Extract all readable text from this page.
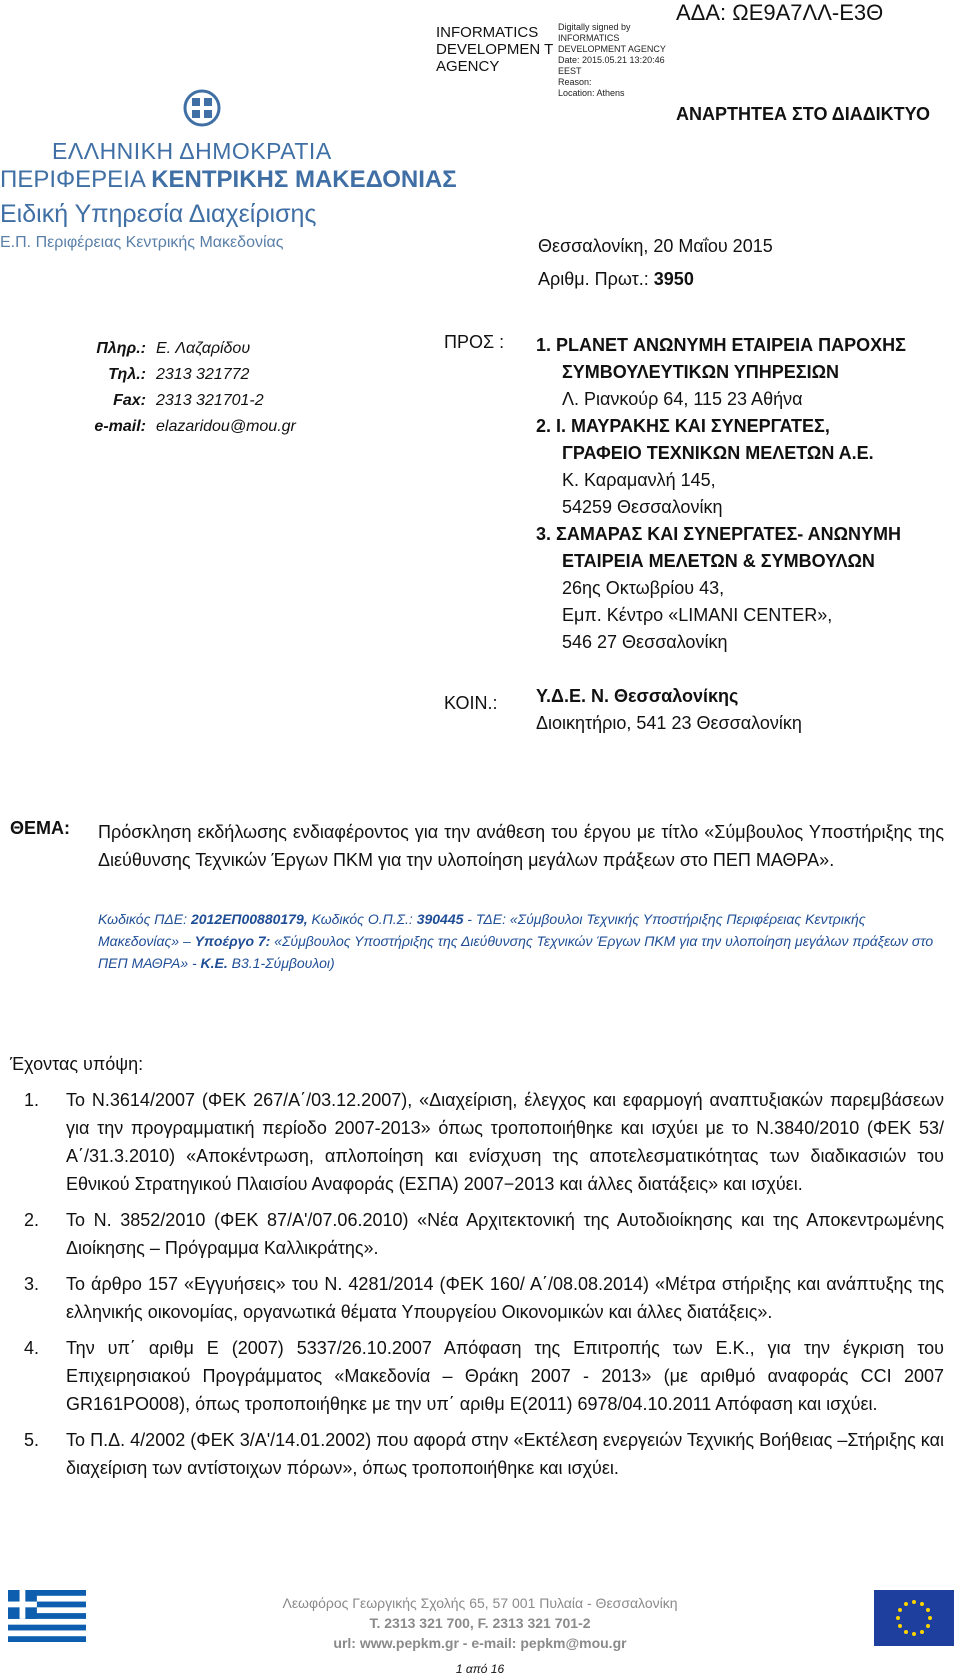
INFORMATICS DEVELOPMEN T AGENCY
Digitally signed by
INFORMATICS
DEVELOPMENT AGENCY
Date: 2015.05.21 13:20:46
EEST
Reason:
Location: Athens
ΑΔΑ: ΩΕ9Α7ΛΛ-Ε3Θ
ΑΝΑΡΤΗΤΕΑ ΣΤΟ ΔΙΑΔΙΚΤΥΟ
ΕΛΛΗΝΙΚΗ ΔΗΜΟΚΡΑΤΙΑ
ΠΕΡΙΦΕΡΕΙΑ ΚΕΝΤΡΙΚΗΣ ΜΑΚΕΔΟΝΙΑΣ
Ειδική Υπηρεσία Διαχείρισης
Ε.Π. Περιφέρειας Κεντρικής Μακεδονίας	Θεσσαλονίκη, 20 Μαΐου 2015
Αριθμ. Πρωτ.: 3950
Πληρ.: Ε. Λαζαρίδου
Τηλ.: 2313 321772
Fax: 2313 321701-2
e-mail: elazaridou@mou.gr
ΠΡΟΣ :
ΚΟΙΝ.:
1. PLANET ΑΝΩΝΥΜΗ ΕΤΑΙΡΕΙΑ ΠΑΡΟΧΗΣ
ΣΥΜΒΟΥΛΕΥΤΙΚΩΝ ΥΠΗΡΕΣΙΩΝ
Λ. Ριανκούρ 64, 115 23 Αθήνα
2. Ι. ΜΑΥΡΑΚΗΣ ΚΑΙ ΣΥΝΕΡΓΑΤΕΣ,
ΓΡΑΦΕΙΟ ΤΕΧΝΙΚΩΝ ΜΕΛΕΤΩΝ Α.Ε.
Κ. Καραμανλή 145,
54259 Θεσσαλονίκη
3. ΣΑΜΑΡΑΣ ΚΑΙ ΣΥΝΕΡΓΑΤΕΣ- ΑΝΩΝΥΜΗ
ΕΤΑΙΡΕΙΑ ΜΕΛΕΤΩΝ & ΣΥΜΒΟΥΛΩΝ
26ης Οκτωβρίου 43,
Εμπ. Κέντρο «LIMANI CENTER»,
546 27 Θεσσαλονίκη
Υ.Δ.Ε. Ν. Θεσσαλονίκης
Διοικητήριο, 541 23 Θεσσαλονίκη
ΘΕΜΑ: Πρόσκληση εκδήλωσης ενδιαφέροντος για την ανάθεση του έργου με τίτλο «Σύμβουλος Υποστήριξης της Διεύθυνσης Τεχνικών Έργων ΠΚΜ για την υλοποίηση μεγάλων πράξεων στο ΠΕΠ ΜΑΘΡΑ».
Κωδικός ΠΔΕ: 2012ΕΠ00880179, Κωδικός Ο.Π.Σ.: 390445 - ΤΔΕ: «Σύμβουλοι Τεχνικής Υποστήριξης Περιφέρειας Κεντρικής Μακεδονίας» – Υποέργο 7: «Σύμβουλος Υποστήριξης της Διεύθυνσης Τεχνικών Έργων ΠΚΜ για την υλοποίηση μεγάλων πράξεων στο ΠΕΠ ΜΑΘΡΑ» - Κ.Ε. Β3.1-Σύμβουλοι)
Έχοντας υπόψη:
1.	Το Ν.3614/2007 (ΦΕΚ 267/Α΄/03.12.2007), «Διαχείριση, έλεγχος και εφαρμογή αναπτυξιακών παρεμβάσεων για την προγραμματική περίοδο 2007-2013» όπως τροποποιήθηκε και ισχύει με το Ν.3840/2010 (ΦΕΚ 53/Α΄/31.3.2010) «Αποκέντρωση, απλοποίηση και ενίσχυση της αποτελεσματικότητας των διαδικασιών του Εθνικού Στρατηγικού Πλαισίου Αναφοράς (ΕΣΠΑ) 2007−2013 και άλλες διατάξεις» και ισχύει.
2.	Το Ν. 3852/2010 (ΦΕΚ 87/Α'/07.06.2010) «Νέα Αρχιτεκτονική της Αυτοδιοίκησης και της Αποκεντρωμένης Διοίκησης – Πρόγραμμα Καλλικράτης».
3.	Το άρθρο 157 «Εγγυήσεις» του Ν. 4281/2014 (ΦΕΚ 160/ Α΄/08.08.2014) «Μέτρα στήριξης και ανάπτυξης της ελληνικής οικονομίας, οργανωτικά θέματα Υπουργείου Οικονομικών και άλλες διατάξεις».
4.	Την υπ΄ αριθμ Ε (2007) 5337/26.10.2007 Απόφαση της Επιτροπής των Ε.Κ., για την έγκριση του Επιχειρησιακού Προγράμματος «Μακεδονία – Θράκη 2007 - 2013» (με αριθμό αναφοράς CCI 2007 GR161PO008), όπως τροποποιήθηκε με την υπ΄ αριθμ Ε(2011) 6978/04.10.2011 Απόφαση και ισχύει.
5.	Το Π.Δ. 4/2002 (ΦΕΚ 3/Α'/14.01.2002) που αφορά στην «Εκτέλεση ενεργειών Τεχνικής Βοήθειας –Στήριξης και διαχείριση των αντίστοιχων πόρων», όπως τροποποιήθηκε και ισχύει.
Λεωφόρος Γεωργικής Σχολής 65, 57 001 Πυλαία - Θεσσαλονίκη
Τ. 2313 321 700, F. 2313 321 701-2
url: www.pepkm.gr - e-mail: pepkm@mou.gr
1 από 16
